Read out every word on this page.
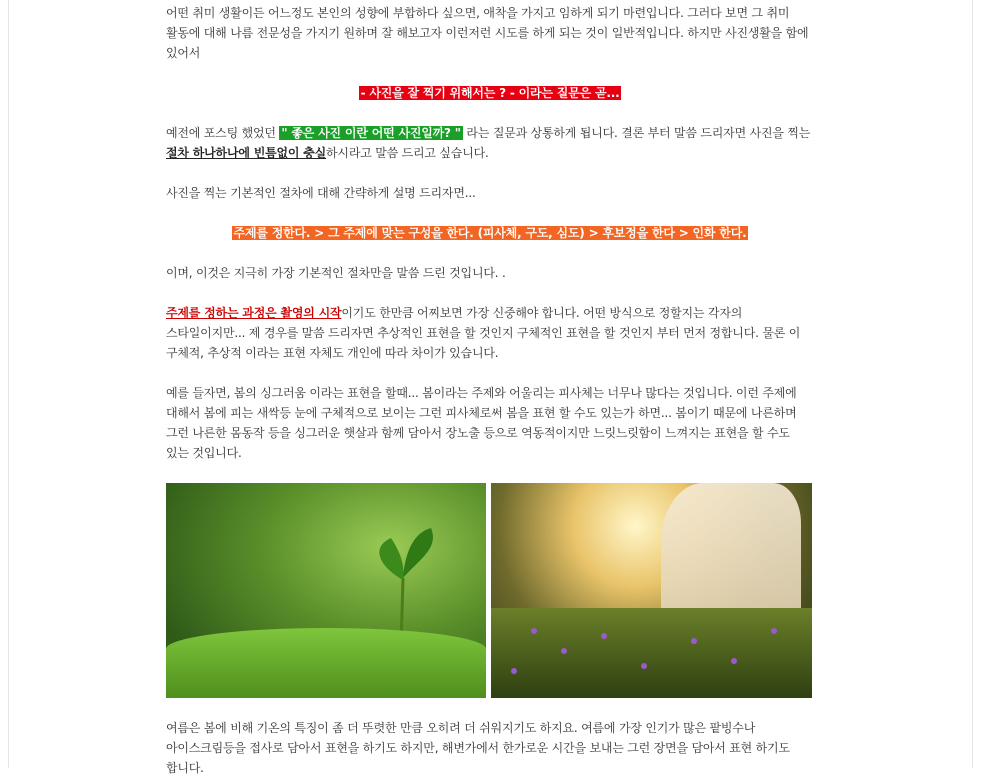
어떤 취미 생활이든 어느정도 본인의 성향에 부합하다 싶으면, 애착을 가지고 임하게 되기 마련입니다. 그러다 보면 그 취미 활동에 대해 나름 전문성을 가지기 원하며 잘 해보고자 이런저런 시도를 하게 되는 것이 일반적입니다. 하지만 사진생활을 함에 있어서

- 사진을 잘 찍기 위해서는 ? - 이라는 질문은 곧...

예전에 포스팅 했었던 " 좋은 사진 이란 어떤 사진일까? " 라는 질문과 상통하게 됩니다. 결론 부터 말씀 드리자면 사진을 찍는 절차 하나하나에 빈틈없이 충실하시라고 말씀 드리고 싶습니다.

사진을 찍는 기본적인 절차에 대해 간략하게 설명 드리자면...

주제를 정한다. > 그 주제에 맞는 구성을 한다. (피사체, 구도, 심도) > 후보정을 한다 > 인화 한다.

이며, 이것은 지극히 가장 기본적인 절차만을 말씀 드린 것입니다. .

주제를 정하는 과정은 촬영의 시작이기도 한만큼 어찌보면 가장 신중해야 합니다. 어떤 방식으로 정할지는 각자의 스타일이지만... 제 경우를 말씀 드리자면 추상적인 표현을 할 것인지 구체적인 표현을 할 것인지 부터 먼저 정합니다. 물론 이 구체적, 추상적 이라는 표현 자체도 개인에 따라 차이가 있습니다.

예를 들자면, 봄의 싱그러움 이라는 표현을 할때... 봄이라는 주제와 어울리는 피사체는 너무나 많다는 것입니다. 이런 주제에 대해서 봄에 피는 새싹등 눈에 구체적으로 보이는 그런 피사체로써 봄을 표현 할 수도 있는가 하면... 봄이기 때문에 나른하며 그런 나른한 몸동작 등을 싱그러운 햇살과 함께 담아서 장노출 등으로 역동적이지만 느릿느릿함이 느껴지는 표현을 할 수도 있는 것입니다.

여름은 봄에 비해 기온의 특징이 좀 더 뚜렷한 만큼 오히려 더 쉬워지기도 하지요. 여름에 가장 인기가 많은 팥빙수나 아이스크림등을 접사로 담아서 표현을 하기도 하지만, 해변가에서 한가로운 시간을 보내는 그런 장면을 담아서 표현 하기도 합니다.
